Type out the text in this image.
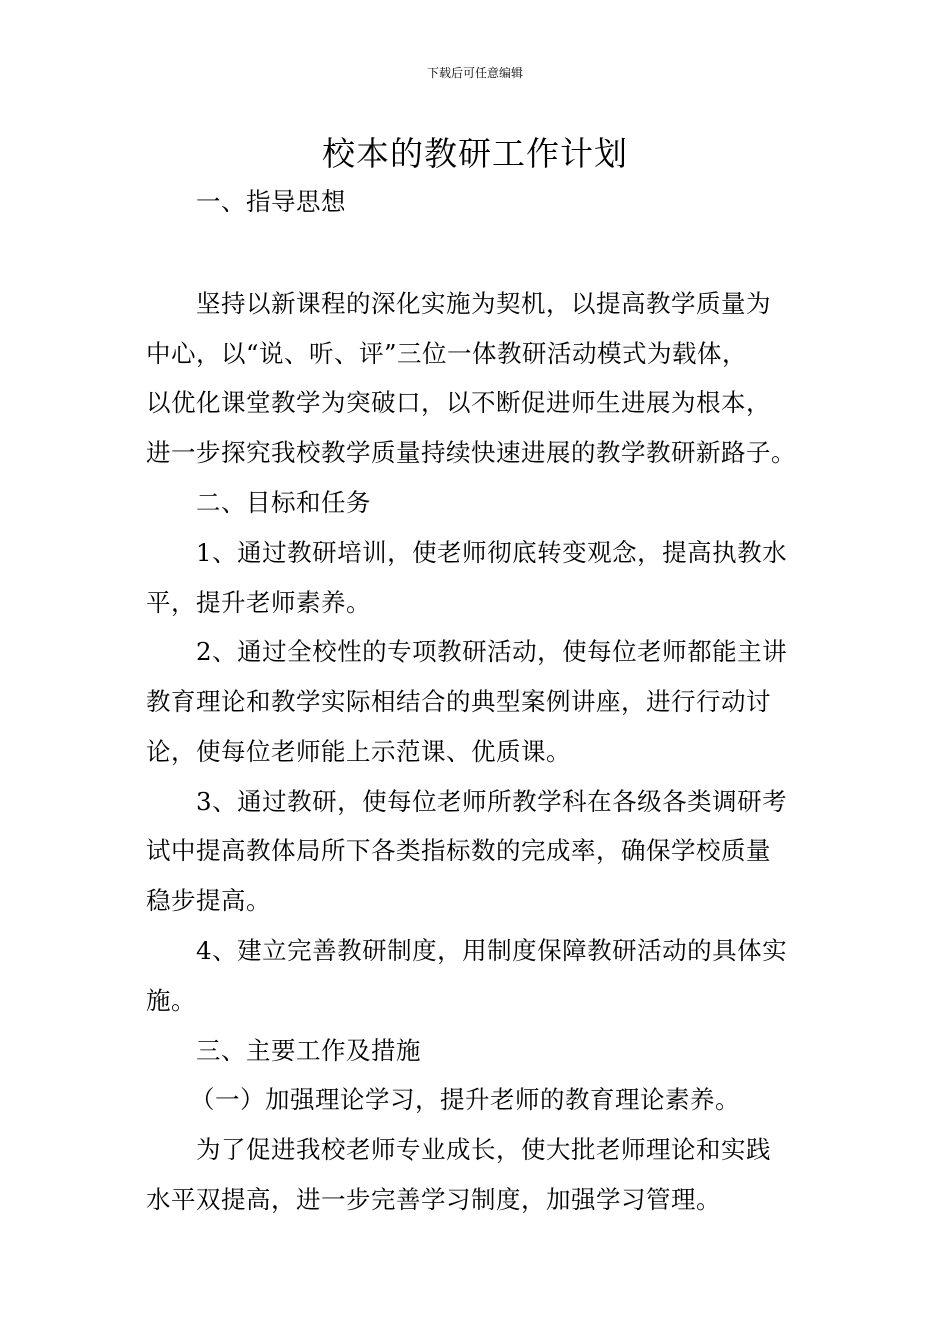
下载后可任意编辑
校本的教研工作计划
一、指导思想
坚持以新课程的深化实施为契机，以提高教学质量为
中心，以“说、听、评”三位一体教研活动模式为载体，
以优化课堂教学为突破口，以不断促进师生进展为根本，
进一步探究我校教学质量持续快速进展的教学教研新路子。
二、目标和任务
1、通过教研培训，使老师彻底转变观念，提高执教水
平，提升老师素养。
2、通过全校性的专项教研活动，使每位老师都能主讲
教育理论和教学实际相结合的典型案例讲座，进行行动讨
论，使每位老师能上示范课、优质课。
3、通过教研，使每位老师所教学科在各级各类调研考
试中提高教体局所下各类指标数的完成率，确保学校质量
稳步提高。
4、建立完善教研制度，用制度保障教研活动的具体实
施。
三、主要工作及措施
（一）加强理论学习，提升老师的教育理论素养。
为了促进我校老师专业成长，使大批老师理论和实践
水平双提高，进一步完善学习制度，加强学习管理。
